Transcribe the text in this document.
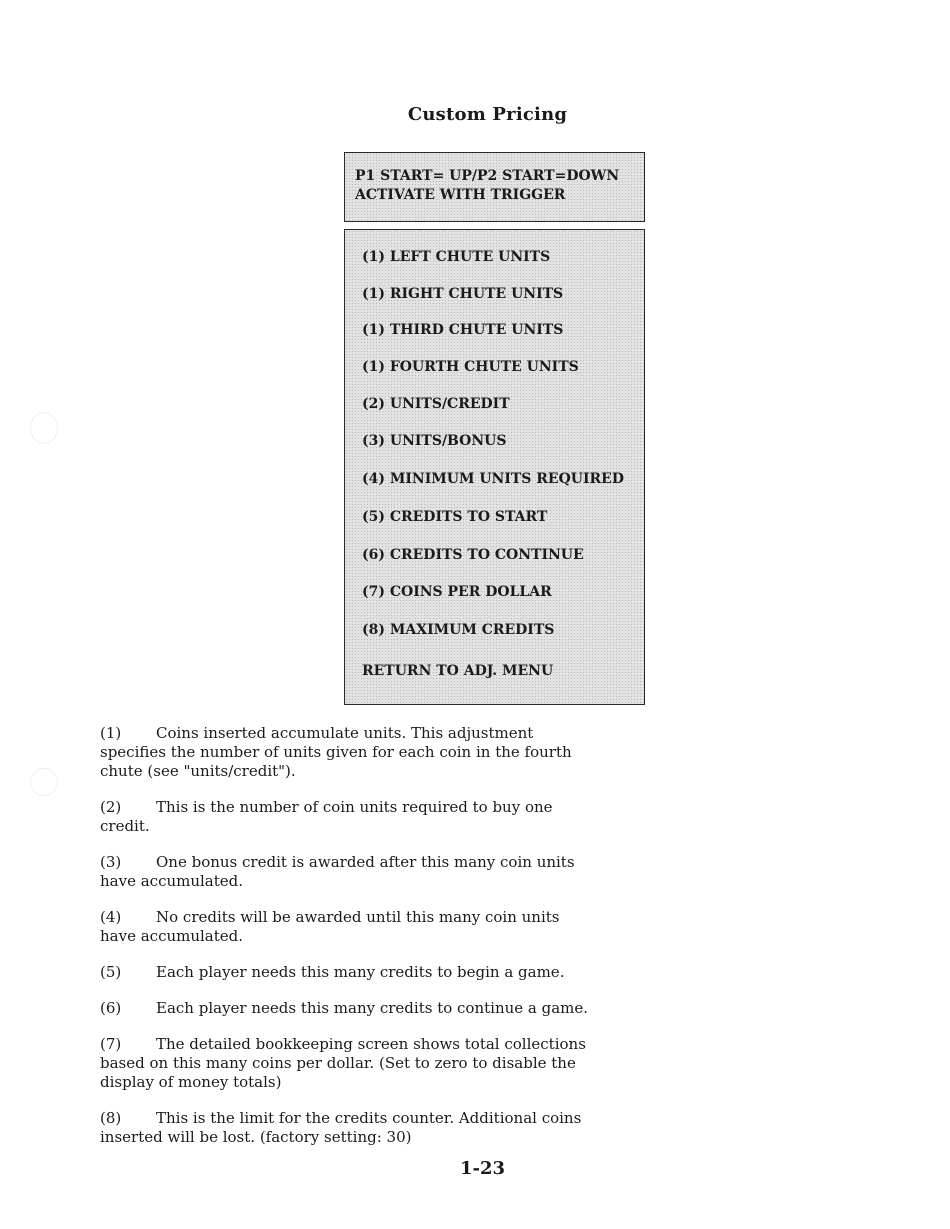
Custom Pricing
P1 START= UP/P2 START=DOWN
ACTIVATE WITH TRIGGER
(1) LEFT CHUTE UNITS
(1) RIGHT CHUTE UNITS
(1) THIRD CHUTE UNITS
(1) FOURTH CHUTE UNITS
(2) UNITS/CREDIT
(3) UNITS/BONUS
(4) MINIMUM UNITS REQUIRED
(5) CREDITS TO START
(6) CREDITS TO CONTINUE
(7) COINS PER DOLLAR
(8) MAXIMUM CREDITS
RETURN TO ADJ. MENU

(1) Coins inserted accumulate units. This adjustment specifies the number of units given for each coin in the fourth chute (see "units/credit").

(2) This is the number of coin units required to buy one credit.

(3) One bonus credit is awarded after this many coin units have accumulated.

(4) No credits will be awarded until this many coin units have accumulated.

(5) Each player needs this many credits to begin a game.

(6) Each player needs this many credits to continue a game.

(7) The detailed bookkeeping screen shows total collections based on this many coins per dollar. (Set to zero to disable the display of money totals)

(8) This is the limit for the credits counter. Additional coins inserted will be lost. (factory setting: 30)

1-23
